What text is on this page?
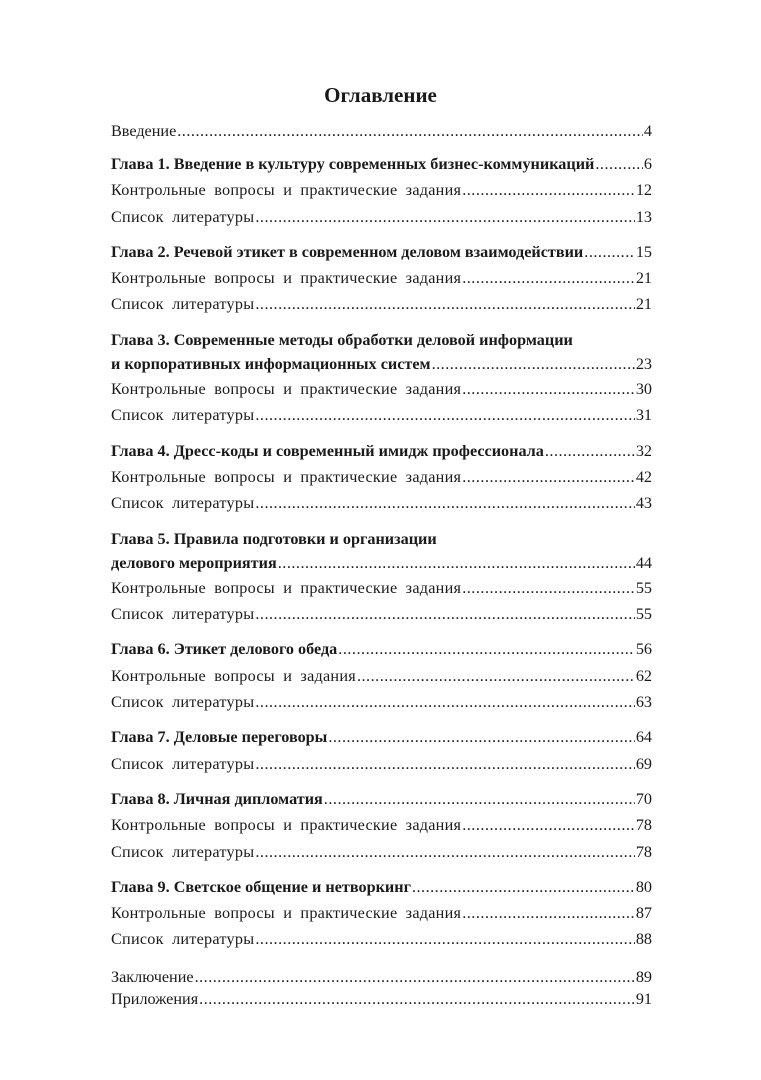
Оглавление
Введение .....	4
Глава 1. Введение в культуру современных бизнес-коммуникаций .....	6
Контрольные вопросы и практические задания .....	12
Список литературы .....	13
Глава 2. Речевой этикет в современном деловом взаимодействии .....	15
Контрольные вопросы и практические задания .....	21
Список литературы .....	21
Глава 3. Современные методы обработки деловой информации
и корпоративных информационных систем .....	23
Контрольные вопросы и практические задания .....	30
Список литературы .....	31
Глава 4. Дресс-коды и современный имидж профессионала .....	32
Контрольные вопросы и практические задания .....	42
Список литературы .....	43
Глава 5. Правила подготовки и организации
делового мероприятия .....	44
Контрольные вопросы и практические задания .....	55
Список литературы .....	55
Глава 6. Этикет делового обеда .....	56
Контрольные вопросы и задания .....	62
Список литературы .....	63
Глава 7. Деловые переговоры .....	64
Список литературы .....	69
Глава 8. Личная дипломатия .....	70
Контрольные вопросы и практические задания .....	78
Список литературы .....	78
Глава 9. Светское общение и нетворкинг .....	80
Контрольные вопросы и практические задания .....	87
Список литературы .....	88
Заключение .....	89
Приложения .....	91
